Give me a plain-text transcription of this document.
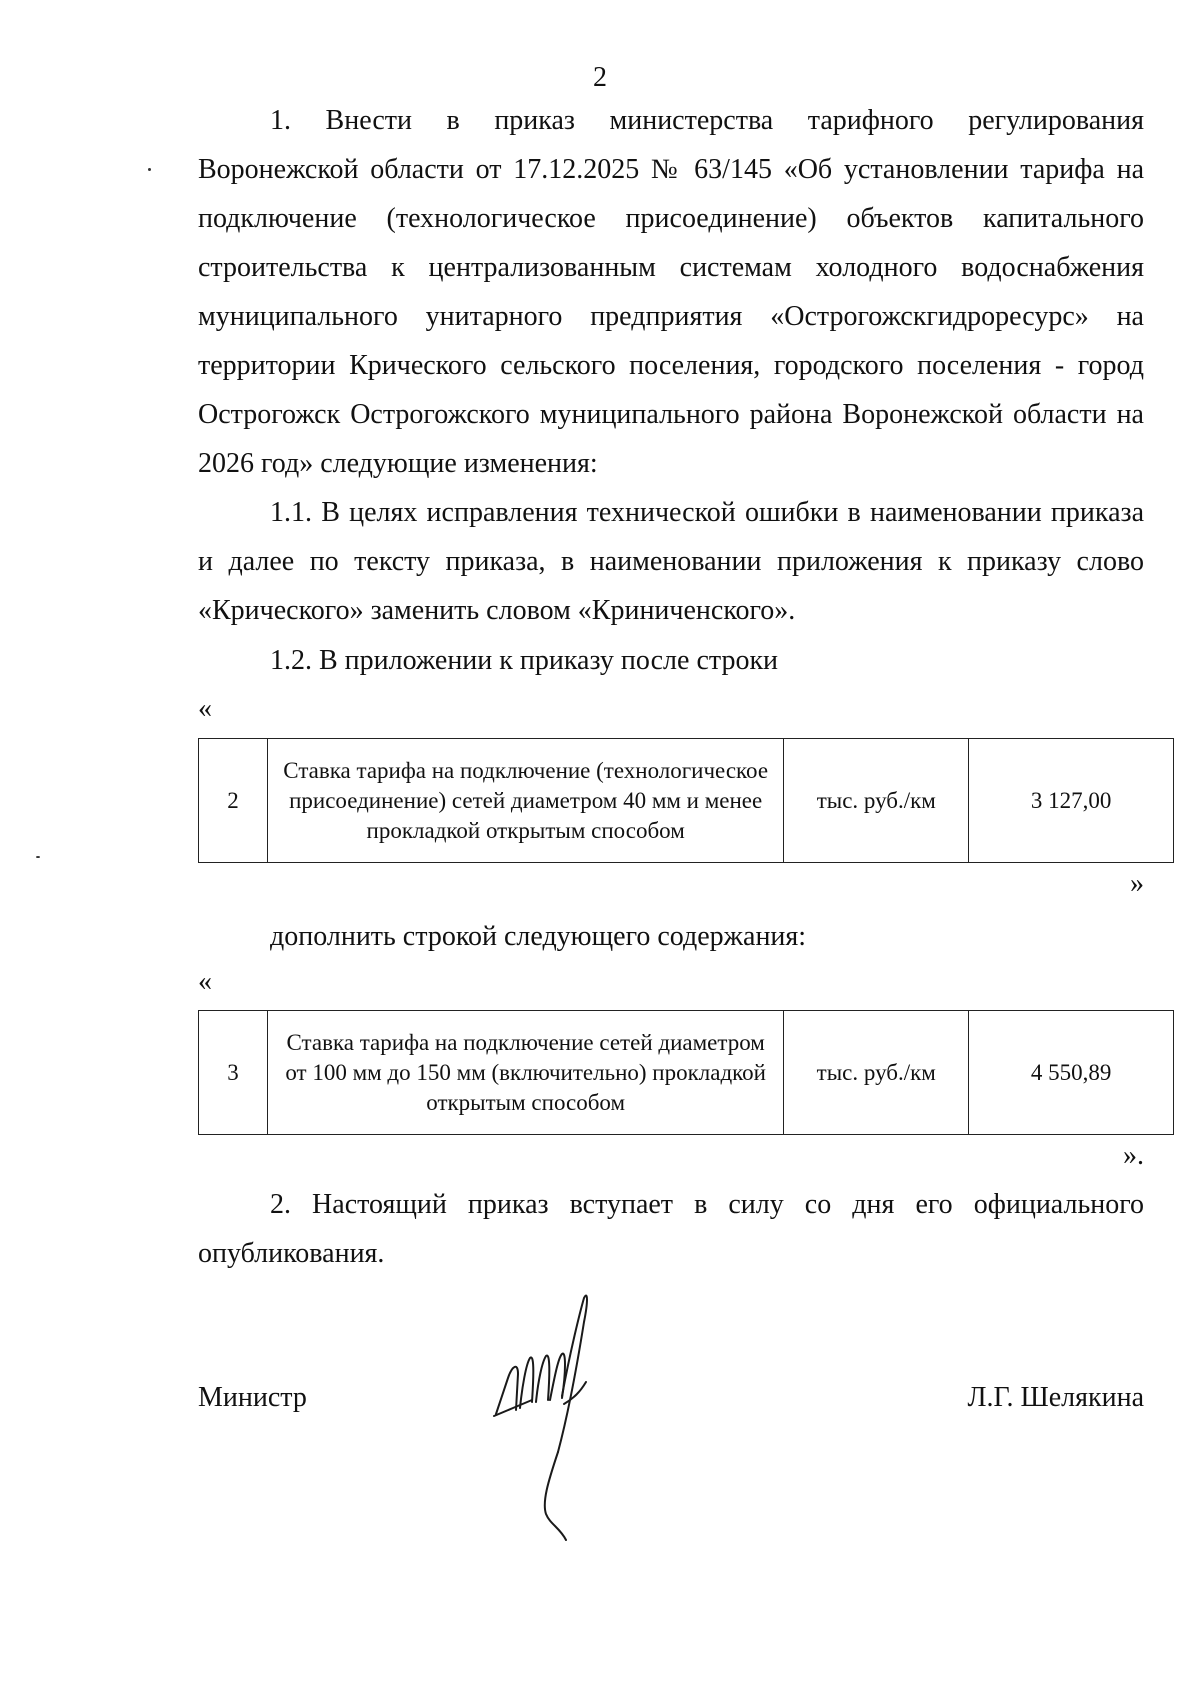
2

1. Внести в приказ министерства тарифного регулирования Воронежской области от 17.12.2025 № 63/145 «Об установлении тарифа на подключение (технологическое присоединение) объектов капитального строительства к централизованным системам холодного водоснабжения муниципального унитарного предприятия «Острогожскгидроресурс» на территории Кричеcкого сельского поселения, городского поселения - город Острогожск Острогожского муниципального района Воронежской области на 2026 год» следующие изменения:

1.1. В целях исправления технической ошибки в наименовании приказа и далее по тексту приказа, в наименовании приложения к приказу слово «Кричеcкого» заменить словом «Криниченского».

1.2. В приложении к приказу после строки

«
2	Ставка тарифа на подключение (технологическое присоединение) сетей диаметром 40 мм и менее прокладкой открытым способом	тыс. руб./км	3 127,00
»

дополнить строкой следующего содержания:

«
3	Ставка тарифа на подключение сетей диаметром от 100 мм до 150 мм (включительно) прокладкой открытым способом	тыс. руб./км	4 550,89
».

2. Настоящий приказ вступает в силу со дня его официального опубликования.

Министр	Л.Г. Шелякина
